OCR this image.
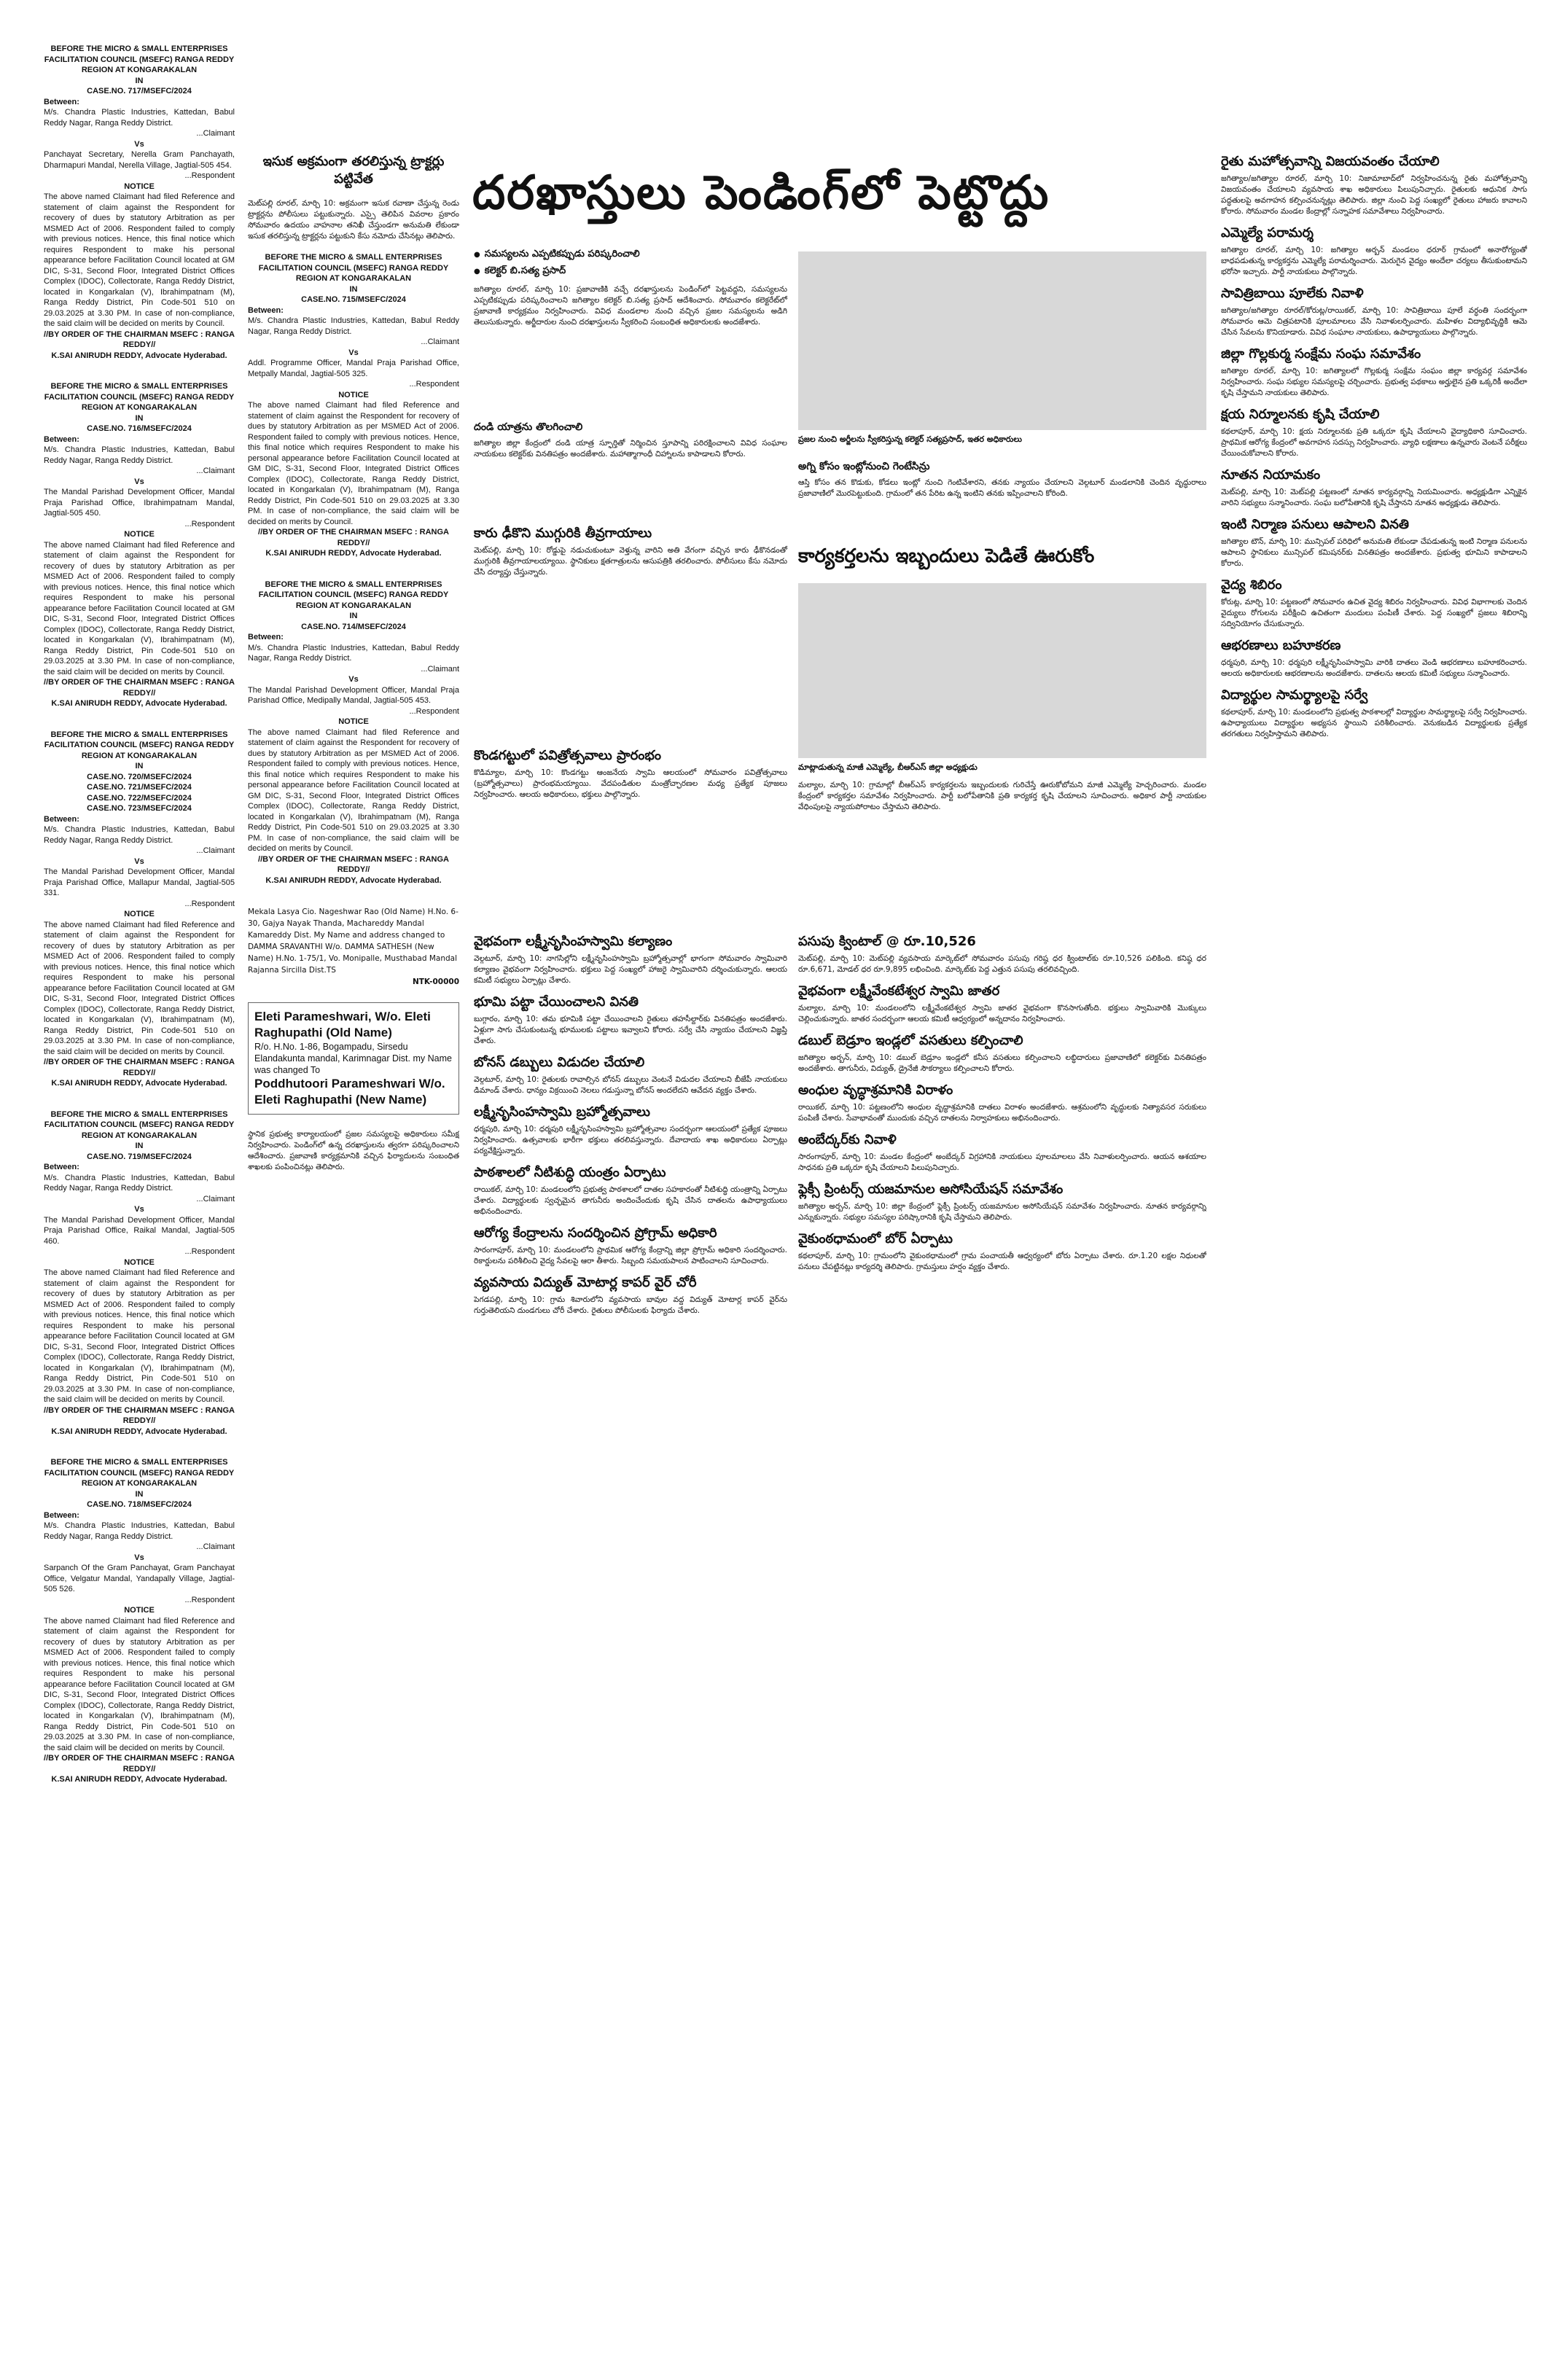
BEFORE THE MICRO & SMALL ENTERPRISES FACILITATION COUNCIL (MSEFC) RANGA REDDY REGION AT KONGARAKALAN
IN
CASE.NO. 717/MSEFC/2024
Between:
M/s. Chandra Plastic Industries, Kattedan, Babul Reddy Nagar, Ranga Reddy District.
...Claimant
Vs
Panchayat Secretary, Nerella Gram Panchayath, Dharmapuri Mandal, Nerella Village, Jagtial-505 454.
...Respondent
NOTICE
The above named Claimant had filed Reference and statement of claim against the Respondent for recovery of dues by statutory Arbitration as per MSMED Act of 2006. Respondent failed to comply with previous notices. Hence, this final notice which requires Respondent to make his personal appearance before Facilitation Council located at GM DIC, S-31, Second Floor, Integrated District Offices Complex (IDOC), Collectorate, Ranga Reddy District, located in Kongarkalan (V), Ibrahimpatnam (M), Ranga Reddy District, Pin Code-501 510 on 29.03.2025 at 3.30 PM. In case of non-compliance, the said claim will be decided on merits by Council.
//BY ORDER OF THE CHAIRMAN MSEFC : RANGA REDDY//
K.SAI ANIRUDH REDDY, Advocate Hyderabad.
BEFORE THE MICRO & SMALL ENTERPRISES FACILITATION COUNCIL (MSEFC) RANGA REDDY REGION AT KONGARAKALAN
IN
CASE.NO. 716/MSEFC/2024
Between:
M/s. Chandra Plastic Industries, Kattedan, Babul Reddy Nagar, Ranga Reddy District.
...Claimant
Vs
The Mandal Parishad Development Officer, Mandal Praja Parishad Office, Ibrahimpatnam Mandal, Jagtial-505 450.
...Respondent
NOTICE
The above named Claimant had filed Reference and statement of claim against the Respondent for recovery of dues by statutory Arbitration as per MSMED Act of 2006. Respondent failed to comply with previous notices. Hence, this final notice which requires Respondent to make his personal appearance before Facilitation Council located at GM DIC, S-31, Second Floor, Integrated District Offices Complex (IDOC), Collectorate, Ranga Reddy District, located in Kongarkalan (V), Ibrahimpatnam (M), Ranga Reddy District, Pin Code-501 510 on 29.03.2025 at 3.30 PM. In case of non-compliance, the said claim will be decided on merits by Council.
//BY ORDER OF THE CHAIRMAN MSEFC : RANGA REDDY//
K.SAI ANIRUDH REDDY, Advocate Hyderabad.
BEFORE THE MICRO & SMALL ENTERPRISES FACILITATION COUNCIL (MSEFC) RANGA REDDY REGION AT KONGARAKALAN
IN
CASE.NO. 720/MSEFC/2024
CASE.NO. 721/MSEFC/2024
CASE.NO. 722/MSEFC/2024
CASE.NO. 723/MSEFC/2024
Between:
M/s. Chandra Plastic Industries, Kattedan, Babul Reddy Nagar, Ranga Reddy District.
...Claimant
Vs
The Mandal Parishad Development Officer, Mandal Praja Parishad Office, Mallapur Mandal, Jagtial-505 331.
...Respondent
NOTICE
The above named Claimant had filed Reference and statement of claim against the Respondent for recovery of dues by statutory Arbitration as per MSMED Act of 2006. Respondent failed to comply with previous notices. Hence, this final notice which requires Respondent to make his personal appearance before Facilitation Council located at GM DIC, S-31, Second Floor, Integrated District Offices Complex (IDOC), Collectorate, Ranga Reddy District, located in Kongarkalan (V), Ibrahimpatnam (M), Ranga Reddy District, Pin Code-501 510 on 29.03.2025 at 3.30 PM. In case of non-compliance, the said claim will be decided on merits by Council.
//BY ORDER OF THE CHAIRMAN MSEFC : RANGA REDDY//
K.SAI ANIRUDH REDDY, Advocate Hyderabad.
BEFORE THE MICRO & SMALL ENTERPRISES FACILITATION COUNCIL (MSEFC) RANGA REDDY REGION AT KONGARAKALAN
IN
CASE.NO. 719/MSEFC/2024
Between:
M/s. Chandra Plastic Industries, Kattedan, Babul Reddy Nagar, Ranga Reddy District.
...Claimant
Vs
The Mandal Parishad Development Officer, Mandal Praja Parishad Office, Raikal Mandal, Jagtial-505 460.
...Respondent
NOTICE
The above named Claimant had filed Reference and statement of claim against the Respondent for recovery of dues by statutory Arbitration as per MSMED Act of 2006. Respondent failed to comply with previous notices. Hence, this final notice which requires Respondent to make his personal appearance before Facilitation Council located at GM DIC, S-31, Second Floor, Integrated District Offices Complex (IDOC), Collectorate, Ranga Reddy District, located in Kongarkalan (V), Ibrahimpatnam (M), Ranga Reddy District, Pin Code-501 510 on 29.03.2025 at 3.30 PM. In case of non-compliance, the said claim will be decided on merits by Council.
//BY ORDER OF THE CHAIRMAN MSEFC : RANGA REDDY//
K.SAI ANIRUDH REDDY, Advocate Hyderabad.
BEFORE THE MICRO & SMALL ENTERPRISES FACILITATION COUNCIL (MSEFC) RANGA REDDY REGION AT KONGARAKALAN
IN
CASE.NO. 718/MSEFC/2024
Between:
M/s. Chandra Plastic Industries, Kattedan, Babul Reddy Nagar, Ranga Reddy District.
...Claimant
Vs
Sarpanch Of the Gram Panchayat, Gram Panchayat Office, Velgatur Mandal, Yandapally Village, Jagtial-505 526.
...Respondent
NOTICE
The above named Claimant had filed Reference and statement of claim against the Respondent for recovery of dues by statutory Arbitration as per MSMED Act of 2006. Respondent failed to comply with previous notices. Hence, this final notice which requires Respondent to make his personal appearance before Facilitation Council located at GM DIC, S-31, Second Floor, Integrated District Offices Complex (IDOC), Collectorate, Ranga Reddy District, located in Kongarkalan (V), Ibrahimpatnam (M), Ranga Reddy District, Pin Code-501 510 on 29.03.2025 at 3.30 PM. In case of non-compliance, the said claim will be decided on merits by Council.
//BY ORDER OF THE CHAIRMAN MSEFC : RANGA REDDY//
K.SAI ANIRUDH REDDY, Advocate Hyderabad.
ఇసుక అక్రమంగా తరలిస్తున్న ట్రాక్టర్లు పట్టివేత

మెట్‌పల్లి రూరల్, మార్చి 10: అక్రమంగా ఇసుక రవాణా చేస్తున్న రెండు ట్రాక్టర్లను పోలీసులు పట్టుకున్నారు. ఎస్సై తెలిపిన వివరాల ప్రకారం సోమవారం ఉదయం వాహనాల తనిఖీ చేస్తుండగా అనుమతి లేకుండా ఇసుక తరలిస్తున్న ట్రాక్టర్లను పట్టుకుని కేసు నమోదు చేసినట్లు తెలిపారు.

BEFORE THE MICRO & SMALL ENTERPRISES FACILITATION COUNCIL (MSEFC) RANGA REDDY REGION AT KONGARAKALAN
IN
CASE.NO. 715/MSEFC/2024
Between:
M/s. Chandra Plastic Industries, Kattedan, Babul Reddy Nagar, Ranga Reddy District.
...Claimant
Vs
Addl. Programme Officer, Mandal Praja Parishad Office, Metpally Mandal, Jagtial-505 325.
...Respondent
NOTICE
The above named Claimant had filed Reference and statement of claim against the Respondent for recovery of dues by statutory Arbitration as per MSMED Act of 2006. Respondent failed to comply with previous notices. Hence, this final notice which requires Respondent to make his personal appearance before Facilitation Council located at GM DIC, S-31, Second Floor, Integrated District Offices Complex (IDOC), Collectorate, Ranga Reddy District, located in Kongarkalan (V), Ibrahimpatnam (M), Ranga Reddy District, Pin Code-501 510 on 29.03.2025 at 3.30 PM. In case of non-compliance, the said claim will be decided on merits by Council.
//BY ORDER OF THE CHAIRMAN MSEFC : RANGA REDDY//
K.SAI ANIRUDH REDDY, Advocate Hyderabad.
BEFORE THE MICRO & SMALL ENTERPRISES FACILITATION COUNCIL (MSEFC) RANGA REDDY REGION AT KONGARAKALAN
IN
CASE.NO. 714/MSEFC/2024
Between:
M/s. Chandra Plastic Industries, Kattedan, Babul Reddy Nagar, Ranga Reddy District.
...Claimant
Vs
The Mandal Parishad Development Officer, Mandal Praja Parishad Office, Medipally Mandal, Jagtial-505 453.
...Respondent
NOTICE
The above named Claimant had filed Reference and statement of claim against the Respondent for recovery of dues by statutory Arbitration as per MSMED Act of 2006. Respondent failed to comply with previous notices. Hence, this final notice which requires Respondent to make his personal appearance before Facilitation Council located at GM DIC, S-31, Second Floor, Integrated District Offices Complex (IDOC), Collectorate, Ranga Reddy District, located in Kongarkalan (V), Ibrahimpatnam (M), Ranga Reddy District, Pin Code-501 510 on 29.03.2025 at 3.30 PM. In case of non-compliance, the said claim will be decided on merits by Council.
//BY ORDER OF THE CHAIRMAN MSEFC : RANGA REDDY//
K.SAI ANIRUDH REDDY, Advocate Hyderabad.
Mekala Lasya Cio. Nageshwar Rao (Old Name) H.No. 6-30, Gajya Nayak Thanda, Machareddy Mandal Kamareddy Dist. My Name and address changed to DAMMA SRAVANTHI W/o. DAMMA SATHESH (New Name) H.No. 1-75/1, Vo. Monipalle, Musthabad Mandal Rajanna Sircilla Dist.TS
NTK-00000
Eleti Parameshwari, W/o. Eleti Raghupathi (Old Name)
R/o. H.No. 1-86, Bogampadu, Sirsedu Elandakunta mandal, Karimnagar Dist. my Name was changed To
Poddhutoori Parameshwari W/o. Eleti Raghupathi (New Name)

స్థానిక ప్రభుత్వ కార్యాలయంలో ప్రజల సమస్యలపై అధికారులు సమీక్ష నిర్వహించారు. పెండింగ్‌లో ఉన్న దరఖాస్తులను త్వరగా పరిష్కరించాలని ఆదేశించారు. ప్రజావాణి కార్యక్రమానికి వచ్చిన ఫిర్యాదులను సంబంధిత శాఖలకు పంపించినట్లు తెలిపారు.

దరఖాస్తులు పెండింగ్‌లో పెట్టొద్దు
● సమస్యలను ఎప్పటికప్పుడు పరిష్కరించాలి
● కలెక్టర్ బి.సత్య ప్రసాద్

జగిత్యాల రూరల్, మార్చి 10: ప్రజావాణికి వచ్చే దరఖాస్తులను పెండింగ్‌లో పెట్టవద్దని, సమస్యలను ఎప్పటికప్పుడు పరిష్కరించాలని జగిత్యాల కలెక్టర్ బి.సత్య ప్రసాద్ ఆదేశించారు. సోమవారం కలెక్టరేట్‌లో ప్రజావాణి కార్యక్రమం నిర్వహించారు. వివిధ మండలాల నుంచి వచ్చిన ప్రజల సమస్యలను అడిగి తెలుసుకున్నారు. అర్జీదారుల నుంచి దరఖాస్తులను స్వీకరించి సంబంధిత అధికారులకు అందజేశారు.

ప్రజల నుంచి అర్జీలను స్వీకరిస్తున్న కలెక్టర్ సత్యప్రసాద్, ఇతర అధికారులు
అగ్ని కోసం ఇంట్లోనుంచి గెంటేసిన్రు

ఆస్తి కోసం తన కొడుకు, కోడలు ఇంట్లో నుంచి గెంటివేశారని, తనకు న్యాయం చేయాలని వెల్గటూర్ మండలానికి చెందిన వృద్ధురాలు ప్రజావాణిలో మొరపెట్టుకుంది. గ్రామంలో తన పేరిట ఉన్న ఇంటిని తనకు ఇప్పించాలని కోరింది.

దండి యాత్రను తొలగించాలి

జగిత్యాల జిల్లా కేంద్రంలో దండి యాత్ర స్ఫూర్తితో నిర్మించిన స్తూపాన్ని పరిరక్షించాలని వివిధ సంఘాల నాయకులు కలెక్టర్‌కు వినతిపత్రం అందజేశారు. మహాత్మాగాంధీ చిహ్నాలను కాపాడాలని కోరారు.

కారు ఢీకొని ముగ్గురికి తీవ్రగాయాలు

మెట్‌పల్లి, మార్చి 10: రోడ్డుపై నడుచుకుంటూ వెళ్తున్న వారిని అతి వేగంగా వచ్చిన కారు ఢీకొనడంతో ముగ్గురికి తీవ్రగాయాలయ్యాయి. స్థానికులు క్షతగాత్రులను ఆసుపత్రికి తరలించారు. పోలీసులు కేసు నమోదు చేసి దర్యాప్తు చేస్తున్నారు.

కొండగట్టులో పవిత్రోత్సవాలు ప్రారంభం

కొడిమ్యాల, మార్చి 10: కొండగట్టు ఆంజనేయ స్వామి ఆలయంలో సోమవారం పవిత్రోత్సవాలు (బ్రహ్మోత్సవాలు) ప్రారంభమయ్యాయి. వేదపండితుల మంత్రోచ్ఛారణల మధ్య ప్రత్యేక పూజలు నిర్వహించారు. ఆలయ అధికారులు, భక్తులు పాల్గొన్నారు.

కార్యకర్తలను ఇబ్బందులు పెడితే ఊరుకోం
మాట్లాడుతున్న మాజీ ఎమ్మెల్యే, బీఆర్ఎస్ జిల్లా అధ్యక్షుడు

మల్యాల, మార్చి 10: గ్రామాల్లో బీఆర్ఎస్ కార్యకర్తలను ఇబ్బందులకు గురిచేస్తే ఊరుకోబోమని మాజీ ఎమ్మెల్యే హెచ్చరించారు. మండల కేంద్రంలో కార్యకర్తల సమావేశం నిర్వహించారు. పార్టీ బలోపేతానికి ప్రతి కార్యకర్త కృషి చేయాలని సూచించారు. అధికార పార్టీ నాయకుల వేధింపులపై న్యాయపోరాటం చేస్తామని తెలిపారు.

వైభవంగా లక్ష్మీనృసింహస్వామి కల్యాణం

వెల్గటూర్, మార్చి 10: నాగసిల్లోని లక్ష్మీనృసింహస్వామి బ్రహ్మోత్సవాల్లో భాగంగా సోమవారం స్వామివారి కల్యాణం వైభవంగా నిర్వహించారు. భక్తులు పెద్ద సంఖ్యలో హాజరై స్వామివారిని దర్శించుకున్నారు. ఆలయ కమిటీ సభ్యులు ఏర్పాట్లు చేశారు.

భూమి పట్టా చేయించాలని వినతి

బుగ్గారం, మార్చి 10: తమ భూమికి పట్టా చేయించాలని రైతులు తహసీల్దార్‌కు వినతిపత్రం అందజేశారు. ఏళ్లుగా సాగు చేసుకుంటున్న భూములకు పట్టాలు ఇవ్వాలని కోరారు. సర్వే చేసి న్యాయం చేయాలని విజ్ఞప్తి చేశారు.

బోనస్ డబ్బులు విడుదల చేయాలి

వెల్గటూర్, మార్చి 10: రైతులకు రావాల్సిన బోనస్ డబ్బులు వెంటనే విడుదల చేయాలని బీజేపీ నాయకులు డిమాండ్ చేశారు. ధాన్యం విక్రయించి నెలలు గడుస్తున్నా బోనస్ అందలేదని ఆవేదన వ్యక్తం చేశారు.

లక్ష్మీనృసింహస్వామి బ్రహ్మోత్సవాలు

ధర్మపురి, మార్చి 10: ధర్మపురి లక్ష్మీనృసింహస్వామి బ్రహ్మోత్సవాల సందర్భంగా ఆలయంలో ప్రత్యేక పూజలు నిర్వహించారు. ఉత్సవాలకు భారీగా భక్తులు తరలివస్తున్నారు. దేవాదాయ శాఖ అధికారులు ఏర్పాట్లు పర్యవేక్షిస్తున్నారు.

పాఠశాలలో నీటిశుద్ధి యంత్రం ఏర్పాటు

రాయికల్, మార్చి 10: మండలంలోని ప్రభుత్వ పాఠశాలలో దాతల సహకారంతో నీటిశుద్ధి యంత్రాన్ని ఏర్పాటు చేశారు. విద్యార్థులకు స్వచ్ఛమైన తాగునీరు అందించేందుకు కృషి చేసిన దాతలను ఉపాధ్యాయులు అభినందించారు.

ఆరోగ్య కేంద్రాలను సందర్శించిన ప్రోగ్రామ్ అధికారి

సారంగాపూర్, మార్చి 10: మండలంలోని ప్రాథమిక ఆరోగ్య కేంద్రాన్ని జిల్లా ప్రోగ్రామ్ అధికారి సందర్శించారు. రికార్డులను పరిశీలించి వైద్య సేవలపై ఆరా తీశారు. సిబ్బంది సమయపాలన పాటించాలని సూచించారు.

వ్యవసాయ విద్యుత్ మోటార్ల కాపర్ వైర్ చోరీ

పెగడపల్లి, మార్చి 10: గ్రామ శివారులోని వ్యవసాయ బావుల వద్ద విద్యుత్ మోటార్ల కాపర్ వైర్‌ను గుర్తుతెలియని దుండగులు చోరీ చేశారు. రైతులు పోలీసులకు ఫిర్యాదు చేశారు.

పసుపు క్వింటాల్ @ రూ.10,526

మెట్‌పల్లి, మార్చి 10: మెట్‌పల్లి వ్యవసాయ మార్కెట్‌లో సోమవారం పసుపు గరిష్ఠ ధర క్వింటాల్‌కు రూ.10,526 పలికింది. కనిష్ఠ ధర రూ.6,671, మోడల్ ధర రూ.9,895 లభించింది. మార్కెట్‌కు పెద్ద ఎత్తున పసుపు తరలివచ్చింది.

వైభవంగా లక్ష్మీవేంకటేశ్వర స్వామి జాతర

మల్యాల, మార్చి 10: మండలంలోని లక్ష్మీవేంకటేశ్వర స్వామి జాతర వైభవంగా కొనసాగుతోంది. భక్తులు స్వామివారికి మొక్కులు చెల్లించుకున్నారు. జాతర సందర్భంగా ఆలయ కమిటీ ఆధ్వర్యంలో అన్నదానం నిర్వహించారు.

డబుల్ బెడ్రూం ఇండ్లలో వసతులు కల్పించాలి

జగిత్యాల అర్బన్, మార్చి 10: డబుల్ బెడ్రూం ఇండ్లలో కనీస వసతులు కల్పించాలని లబ్ధిదారులు ప్రజావాణిలో కలెక్టర్‌కు వినతిపత్రం అందజేశారు. తాగునీరు, విద్యుత్, డ్రైనేజీ సౌకర్యాలు కల్పించాలని కోరారు.

అంధుల వృద్ధాశ్రమానికి విరాళం

రాయికల్, మార్చి 10: పట్టణంలోని అంధుల వృద్ధాశ్రమానికి దాతలు విరాళం అందజేశారు. ఆశ్రమంలోని వృద్ధులకు నిత్యావసర సరుకులు పంపిణీ చేశారు. సేవాభావంతో ముందుకు వచ్చిన దాతలను నిర్వాహకులు అభినందించారు.

అంబేద్కర్‌కు నివాళి

సారంగాపూర్, మార్చి 10: మండల కేంద్రంలో అంబేద్కర్ విగ్రహానికి నాయకులు పూలమాలలు వేసి నివాళులర్పించారు. ఆయన ఆశయాల సాధనకు ప్రతి ఒక్కరూ కృషి చేయాలని పిలుపునిచ్చారు.

ఫ్లెక్సీ ప్రింటర్స్ యజమానుల అసోసియేషన్ సమావేశం

జగిత్యాల అర్బన్, మార్చి 10: జిల్లా కేంద్రంలో ఫ్లెక్సీ ప్రింటర్స్ యజమానుల అసోసియేషన్ సమావేశం నిర్వహించారు. నూతన కార్యవర్గాన్ని ఎన్నుకున్నారు. సభ్యుల సమస్యల పరిష్కారానికి కృషి చేస్తామని తెలిపారు.

వైకుంఠధామంలో బోర్ ఏర్పాటు

కథలాపూర్, మార్చి 10: గ్రామంలోని వైకుంఠధామంలో గ్రామ పంచాయతీ ఆధ్వర్యంలో బోరు ఏర్పాటు చేశారు. రూ.1.20 లక్షల నిధులతో పనులు చేపట్టినట్లు కార్యదర్శి తెలిపారు. గ్రామస్తులు హర్షం వ్యక్తం చేశారు.

రైతు మహోత్సవాన్ని విజయవంతం చేయాలి

జగిత్యాల/జగిత్యాల రూరల్, మార్చి 10: నిజామాబాద్‌లో నిర్వహించనున్న రైతు మహోత్సవాన్ని విజయవంతం చేయాలని వ్యవసాయ శాఖ అధికారులు పిలుపునిచ్చారు. రైతులకు ఆధునిక సాగు పద్ధతులపై అవగాహన కల్పించనున్నట్లు తెలిపారు. జిల్లా నుంచి పెద్ద సంఖ్యలో రైతులు హాజరు కావాలని కోరారు. సోమవారం మండల కేంద్రాల్లో సన్నాహక సమావేశాలు నిర్వహించారు.

ఎమ్మెల్యే పరామర్శ

జగిత్యాల రూరల్, మార్చి 10: జగిత్యాల అర్బన్ మండలం ధరూర్ గ్రామంలో అనారోగ్యంతో బాధపడుతున్న కార్యకర్తను ఎమ్మెల్యే పరామర్శించారు. మెరుగైన వైద్యం అందేలా చర్యలు తీసుకుంటామని భరోసా ఇచ్చారు. పార్టీ నాయకులు పాల్గొన్నారు.

సావిత్రిబాయి పూలేకు నివాళి

జగిత్యాల/జగిత్యాల రూరల్/కోరుట్ల/రాయికల్, మార్చి 10: సావిత్రిబాయి పూలే వర్ధంతి సందర్భంగా సోమవారం ఆమె చిత్రపటానికి పూలమాలలు వేసి నివాళులర్పించారు. మహిళల విద్యాభివృద్ధికి ఆమె చేసిన సేవలను కొనియాడారు. వివిధ సంఘాల నాయకులు, ఉపాధ్యాయులు పాల్గొన్నారు.

జిల్లా గొల్లకుర్మ సంక్షేమ సంఘ సమావేశం

జగిత్యాల రూరల్, మార్చి 10: జగిత్యాలలో గొల్లకుర్మ సంక్షేమ సంఘం జిల్లా కార్యవర్గ సమావేశం నిర్వహించారు. సంఘ సభ్యుల సమస్యలపై చర్చించారు. ప్రభుత్వ పథకాలు అర్హులైన ప్రతి ఒక్కరికీ అందేలా కృషి చేస్తామని నాయకులు తెలిపారు.

క్షయ నిర్మూలనకు కృషి చేయాలి

కథలాపూర్, మార్చి 10: క్షయ నిర్మూలనకు ప్రతి ఒక్కరూ కృషి చేయాలని వైద్యాధికారి సూచించారు. ప్రాథమిక ఆరోగ్య కేంద్రంలో అవగాహన సదస్సు నిర్వహించారు. వ్యాధి లక్షణాలు ఉన్నవారు వెంటనే పరీక్షలు చేయించుకోవాలని కోరారు.

నూతన నియామకం

మెట్‌పల్లి, మార్చి 10: మెట్‌పల్లి పట్టణంలో నూతన కార్యవర్గాన్ని నియమించారు. అధ్యక్షుడిగా ఎన్నికైన వారిని సభ్యులు సన్మానించారు. సంఘ బలోపేతానికి కృషి చేస్తానని నూతన అధ్యక్షుడు తెలిపారు.

ఇంటి నిర్మాణ పనులు ఆపాలని వినతి

జగిత్యాల టౌన్, మార్చి 10: మున్సిపల్ పరిధిలో అనుమతి లేకుండా చేపడుతున్న ఇంటి నిర్మాణ పనులను ఆపాలని స్థానికులు మున్సిపల్ కమిషనర్‌కు వినతిపత్రం అందజేశారు. ప్రభుత్వ భూమిని కాపాడాలని కోరారు.

వైద్య శిబిరం

కోరుట్ల, మార్చి 10: పట్టణంలో సోమవారం ఉచిత వైద్య శిబిరం నిర్వహించారు. వివిధ విభాగాలకు చెందిన వైద్యులు రోగులను పరీక్షించి ఉచితంగా మందులు పంపిణీ చేశారు. పెద్ద సంఖ్యలో ప్రజలు శిబిరాన్ని సద్వినియోగం చేసుకున్నారు.

ఆభరణాలు బహూకరణ

ధర్మపురి, మార్చి 10: ధర్మపురి లక్ష్మీనృసింహస్వామి వారికి దాతలు వెండి ఆభరణాలు బహూకరించారు. ఆలయ అధికారులకు ఆభరణాలను అందజేశారు. దాతలను ఆలయ కమిటీ సభ్యులు సన్మానించారు.

విద్యార్థుల సామర్థ్యాలపై సర్వే

కథలాపూర్, మార్చి 10: మండలంలోని ప్రభుత్వ పాఠశాలల్లో విద్యార్థుల సామర్థ్యాలపై సర్వే నిర్వహించారు. ఉపాధ్యాయులు విద్యార్థుల అభ్యసన స్థాయిని పరిశీలించారు. వెనుకబడిన విద్యార్థులకు ప్రత్యేక తరగతులు నిర్వహిస్తామని తెలిపారు.
